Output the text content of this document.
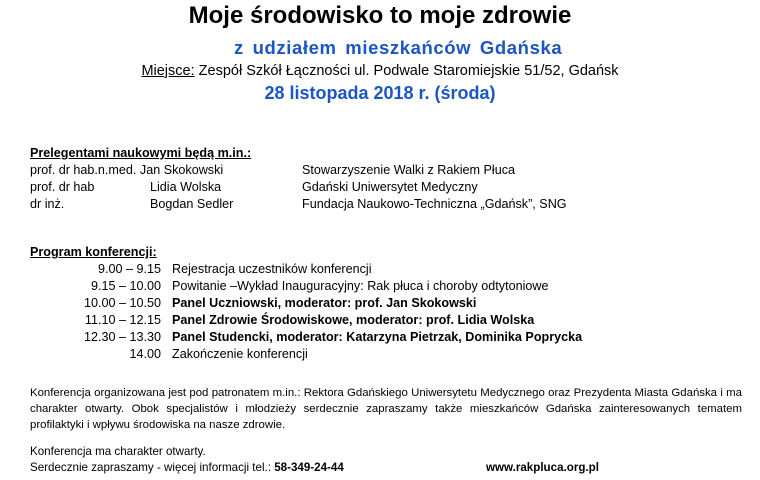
Moje środowisko to moje zdrowie
z udziałem mieszkańców Gdańska
Miejsce: Zespół Szkół Łączności ul. Podwale Staromiejskie 51/52, Gdańsk
28 listopada 2018 r. (środa)
Prelegentami naukowymi będą m.in.:
prof. dr hab.n.med. Jan Skokowski	Stowarzyszenie Walki z Rakiem Płuca
prof. dr hab	Lidia Wolska	Gdański Uniwersytet Medyczny
dr inż.	Bogdan Sedler	Fundacja Naukowo-Techniczna „Gdańsk”, SNG
Program konferencji:
9.00 – 9.15 Rejestracja uczestników konferencji
9.15 – 10.00 Powitanie –Wykład Inauguracyjny: Rak płuca i choroby odtytoniowe
10.00 – 10.50 Panel Uczniowski, moderator: prof. Jan Skokowski
11.10 – 12.15 Panel Zdrowie Środowiskowe, moderator: prof. Lidia Wolska
12.30 – 13.30 Panel Studencki, moderator: Katarzyna Pietrzak, Dominika Poprycka
14.00 Zakończenie konferencji
Konferencja organizowana jest pod patronatem m.in.: Rektora Gdańskiego Uniwersytetu Medycznego oraz Prezydenta Miasta Gdańska i ma charakter otwarty. Obok specjalistów i młodzieży serdecznie zapraszamy także mieszkańców Gdańska zainteresowanych tematem profilaktyki i wpływu środowiska na nasze zdrowie.
Konferencja ma charakter otwarty.
Serdecznie zapraszamy - więcej informacji tel.: 58-349-24-44	www.rakpluca.org.pl
